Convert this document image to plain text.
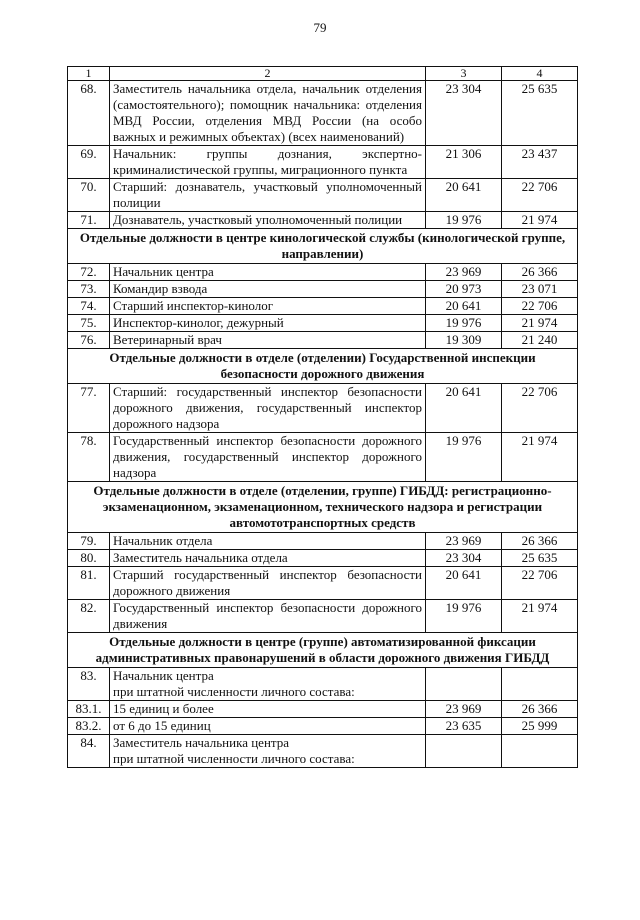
79
1	2	3	4
68.	Заместитель начальника отдела, начальник отделения (самостоятельного); помощник начальника: отделения МВД России, отделения МВД России (на особо важных и режимных объектах) (всех наименований)	23 304	25 635
69.	Начальник: группы дознания, экспертно-криминалистической группы, миграционного пункта	21 306	23 437
70.	Старший: дознаватель, участковый уполномоченный полиции	20 641	22 706
71.	Дознаватель, участковый уполномоченный полиции	19 976	21 974
Отдельные должности в центре кинологической службы (кинологической группе, направлении)			
72.	Начальник центра	23 969	26 366
73.	Командир взвода	20 973	23 071
74.	Старший инспектор-кинолог	20 641	22 706
75.	Инспектор-кинолог, дежурный	19 976	21 974
76.	Ветеринарный врач	19 309	21 240
Отдельные должности в отделе (отделении) Государственной инспекции безопасности дорожного движения			
77.	Старший: государственный инспектор безопасности дорожного движения, государственный инспектор дорожного надзора	20 641	22 706
78.	Государственный инспектор безопасности дорожного движения, государственный инспектор дорожного надзора	19 976	21 974
Отдельные должности в отделе (отделении, группе) ГИБДД: регистрационно-экзаменационном, экзаменационном, технического надзора и регистрации автомототранспортных средств			
79.	Начальник отдела	23 969	26 366
80.	Заместитель начальника отдела	23 304	25 635
81.	Старший государственный инспектор безопасности дорожного движения	20 641	22 706
82.	Государственный инспектор безопасности дорожного движения	19 976	21 974
Отдельные должности в центре (группе) автоматизированной фиксации административных правонарушений в области дорожного движения ГИБДД			
83.	Начальник центра
при штатной численности личного состава:		

83.1.	15 единиц и более	23 969	26 366
83.2.	от 6 до 15 единиц	23 635	25 999
84.	Заместитель начальника центра
при штатной численности личного состава:		
